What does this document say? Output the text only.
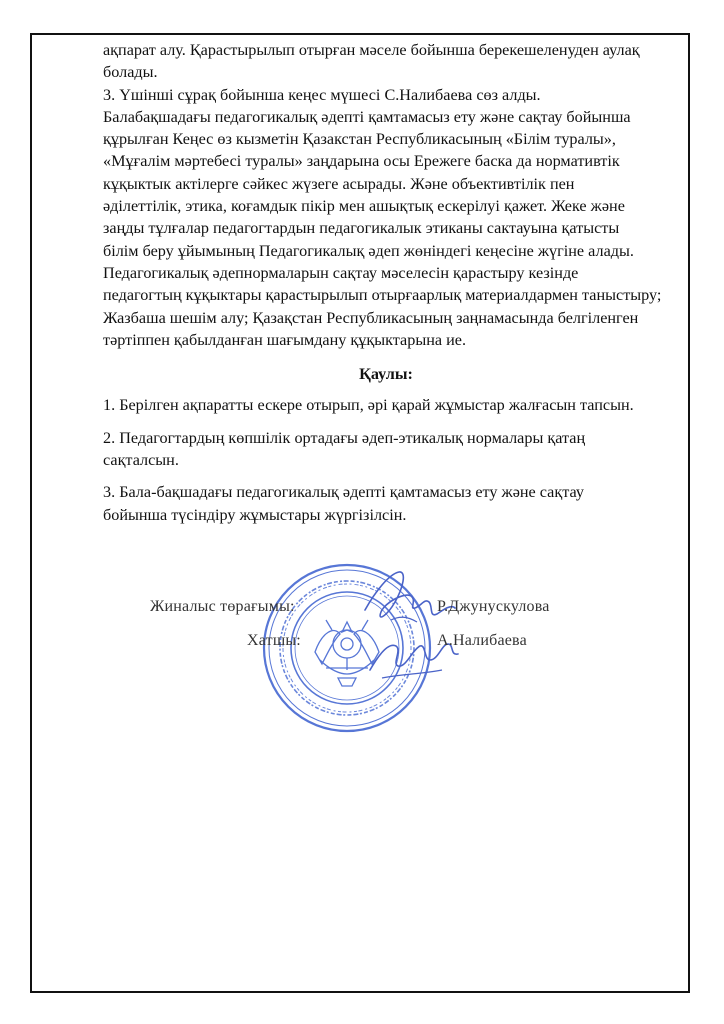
ақпарат алу. Қарастырылып отырған мәселе бойынша берекешеленуден аулақ
болады.

3. Үшінші сұрақ бойынша кеңес мүшесі С.Налибаева сөз алды.
Балабақшадағы педагогикалық әдепті қамтамасыз ету және сақтау бойынша
құрылған Кеңес өз кызметін Қазакстан Республикасының «Білім туралы»,
«Мұғалім мәртебесі туралы» заңдарына осы Ережеге баска да нормативтік
кұқыктык актілерге сәйкес жүзеге асырады. Және объективтілік пен
әділеттілік, этика, коғамдык пікір мен ашықтық ескерілуі қажет. Жеке және
заңды тұлғалар педагогтардын педагогикалык этиканы сактауына қатысты
білім беру ұйымының Педагогикалық әдеп жөніндегі кеңесіне жүгіне алады.
Педагогикалық әдепнормаларын сақтау мәселесін қарастыру кезінде
педагогтың кұқыктары қарастырылып отырғаарлық материалдармен таныстыру;
Жазбаша шешім алу; Қазақстан Республикасының заңнамасында белгіленген
тәртіппен қабылданған шағымдану құқыктарына ие.

Қаулы:

1. Берілген ақпаратты ескере отырып, әрі қарай жұмыстар жалғасын тапсын.

2. Педагогтардың көпшілік ортадағы әдеп-этикалық нормалары қатаң
сақталсын.

3. Бала-бақшадағы педагогикалық әдепті қамтамасыз ету және сақтау
бойынша түсіндіру жұмыстары жүргізілсін.

Жиналыс төрағымы:	Р.Джунускулова
Хатшы:	А.Налибаева
